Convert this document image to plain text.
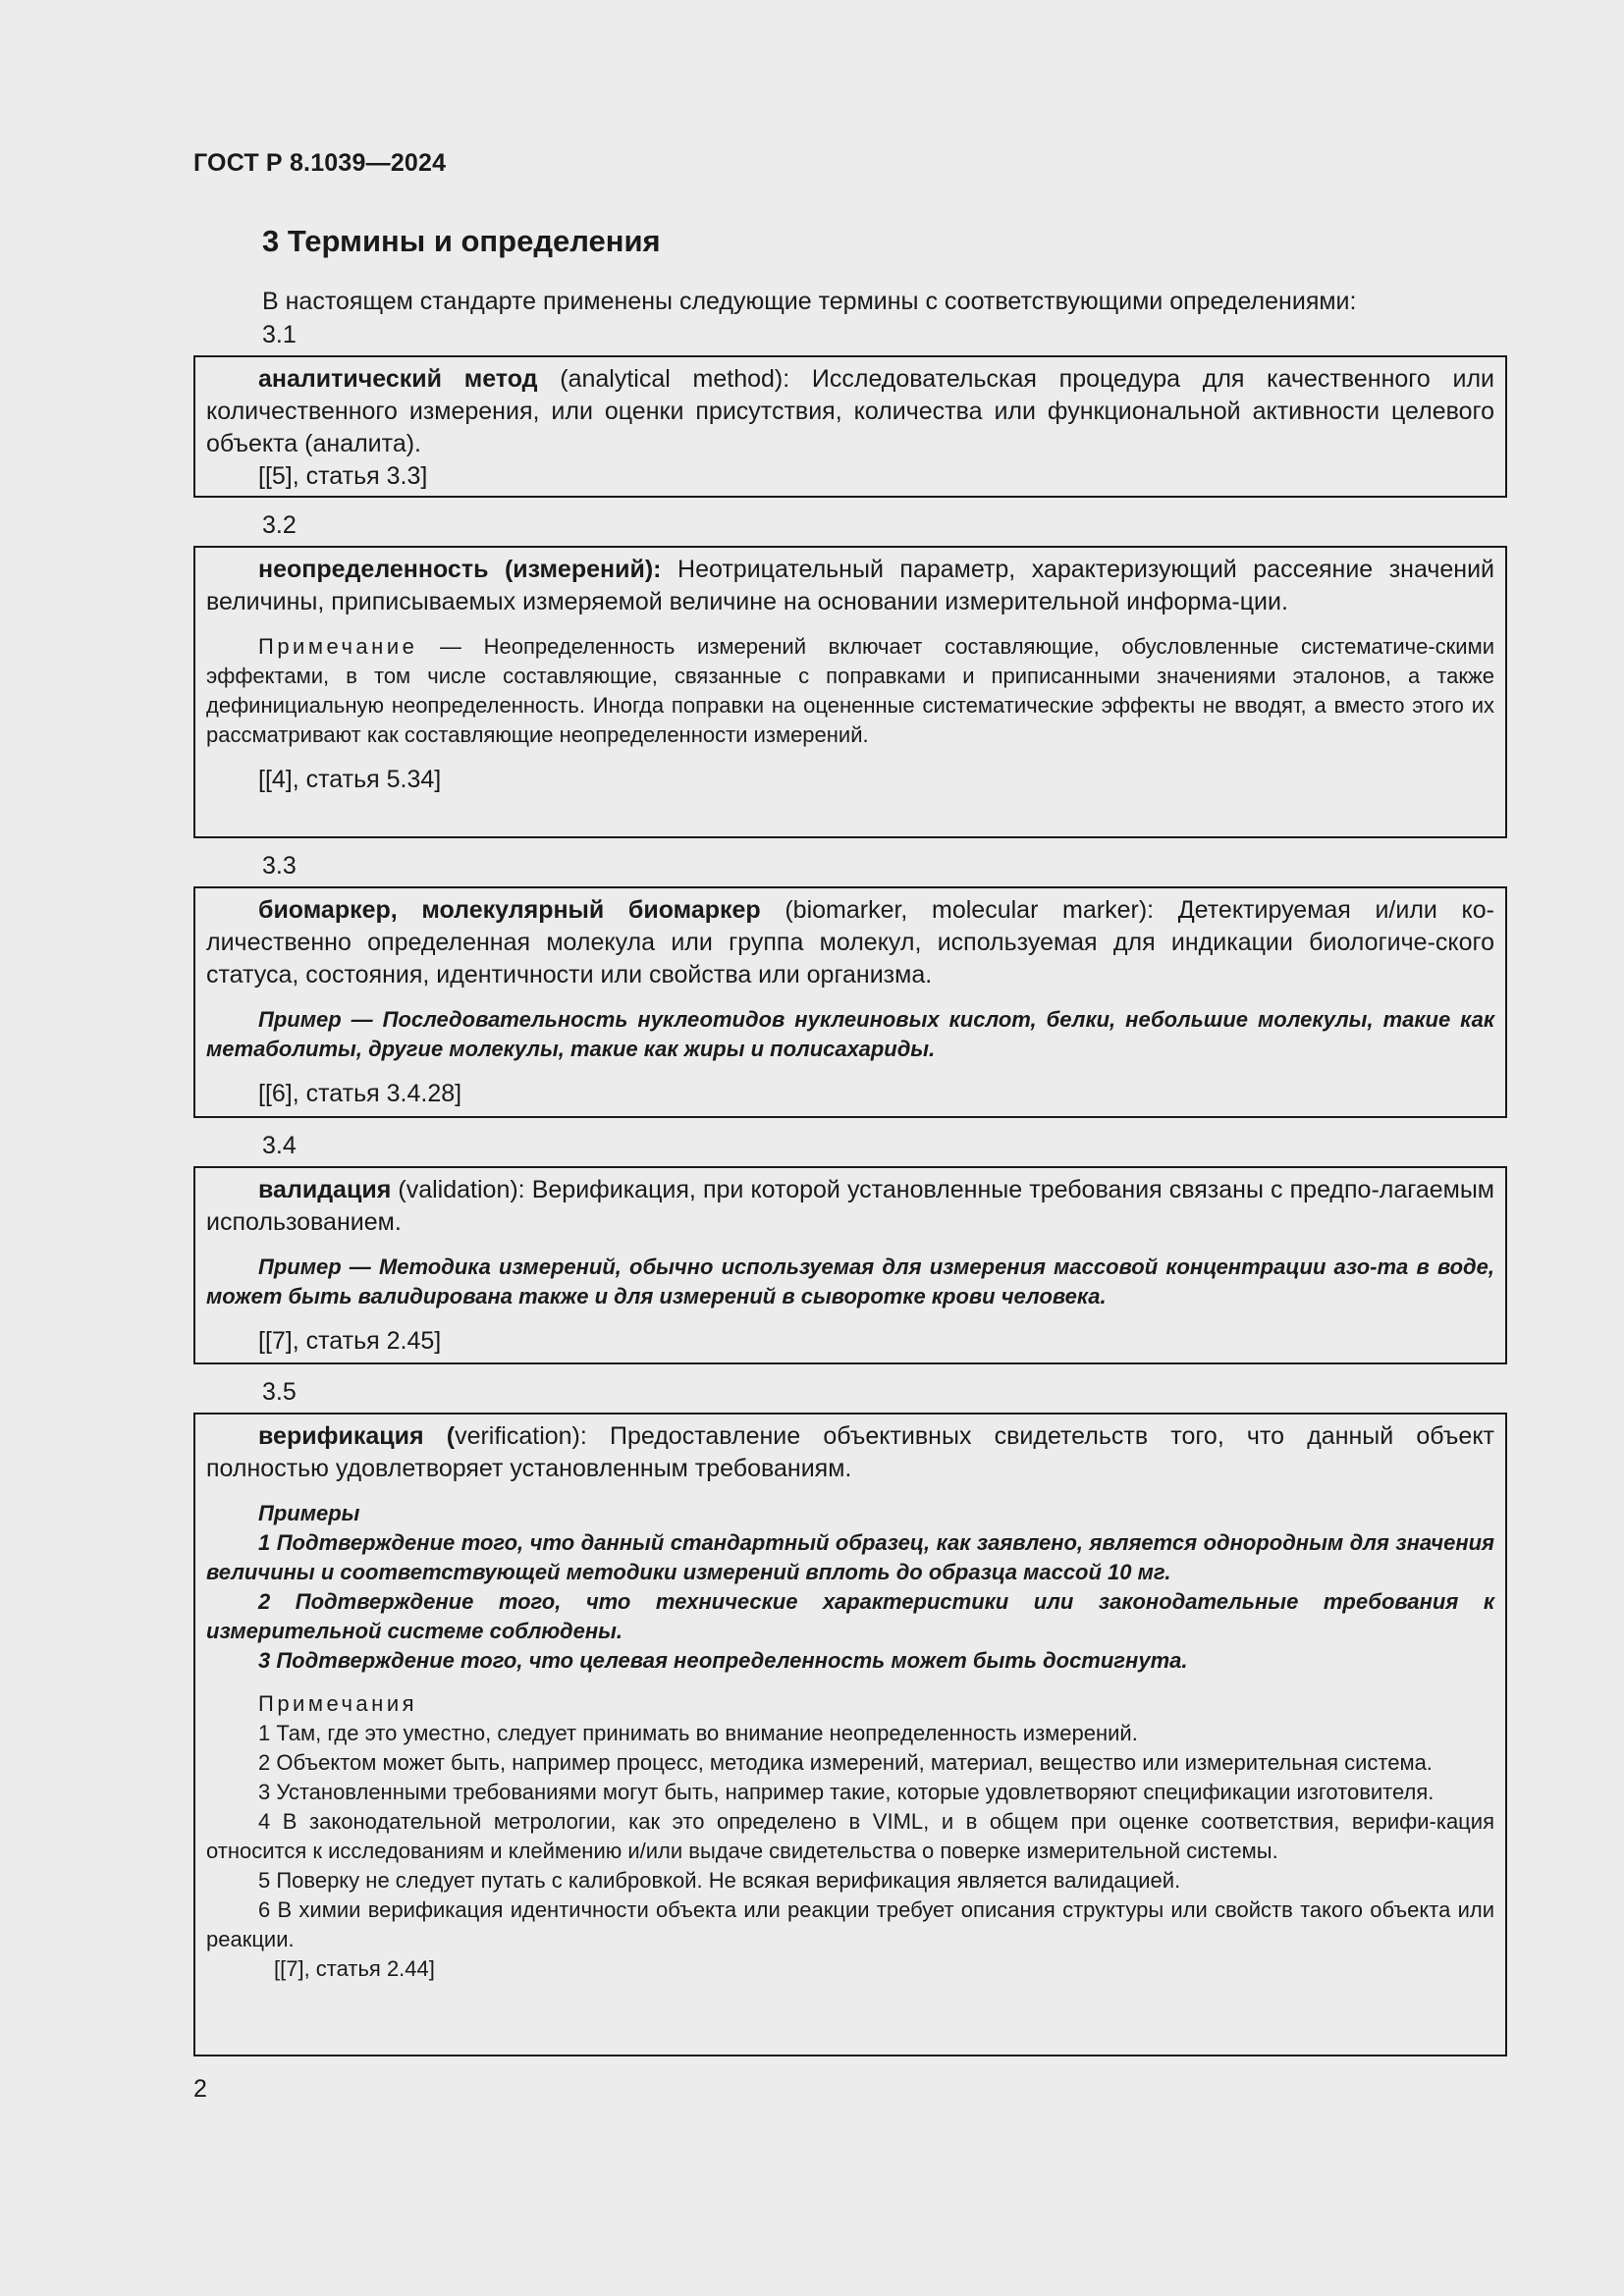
ГОСТ Р 8.1039—2024
3 Термины и определения
В настоящем стандарте применены следующие термины с соответствующими определениями:
3.1

аналитический метод (analytical method): Исследовательская процедура для качественного или количественного измерения, или оценки присутствия, количества или функциональной активности целевого объекта (аналита).

[[5], статья 3.3]
3.2

неопределенность (измерений): Неотрицательный параметр, характеризующий рассеяние значений величины, приписываемых измеряемой величине на основании измерительной информа-ции.

Примечание — Неопределенность измерений включает составляющие, обусловленные систематиче-скими эффектами, в том числе составляющие, связанные с поправками и приписанными значениями эталонов, а также дефинициальную неопределенность. Иногда поправки на оцененные систематические эффекты не вводят, а вместо этого их рассматривают как составляющие неопределенности измерений.

[[4], статья 5.34]
3.3

биомаркер, молекулярный биомаркер (biomarker, molecular marker): Детектируемая и/или ко-личественно определенная молекула или группа молекул, используемая для индикации биологиче-ского статуса, состояния, идентичности или свойства или организма.

Пример — Последовательность нуклеотидов нуклеиновых кислот, белки, небольшие молекулы, такие как метаболиты, другие молекулы, такие как жиры и полисахариды.

[[6], статья 3.4.28]
3.4

валидация (validation): Верификация, при которой установленные требования связаны с предпо-лагаемым использованием.

Пример — Методика измерений, обычно используемая для измерения массовой концентрации азо-та в воде, может быть валидирована также и для измерений в сыворотке крови человека.

[[7], статья 2.45]
3.5

верификация (verification): Предоставление объективных свидетельств того, что данный объект полностью удовлетворяет установленным требованиям.

Примеры

1 Подтверждение того, что данный стандартный образец, как заявлено, является однородным для значения величины и соответствующей методики измерений вплоть до образца массой 10 мг.

2 Подтверждение того, что технические характеристики или законодательные требования к измерительной системе соблюдены.

3 Подтверждение того, что целевая неопределенность может быть достигнута.

Примечания

1 Там, где это уместно, следует принимать во внимание неопределенность измерений.

2 Объектом может быть, например процесс, методика измерений, материал, вещество или измерительная система.

3 Установленными требованиями могут быть, например такие, которые удовлетворяют спецификации изготовителя.

4 В законодательной метрологии, как это определено в VIML, и в общем при оценке соответствия, верифи-кация относится к исследованиям и клеймению и/или выдаче свидетельства о поверке измерительной системы.

5 Поверку не следует путать с калибровкой. Не всякая верификация является валидацией.

6 В химии верификация идентичности объекта или реакции требует описания структуры или свойств такого объекта или реакции.

[[7], статья 2.44]
2
